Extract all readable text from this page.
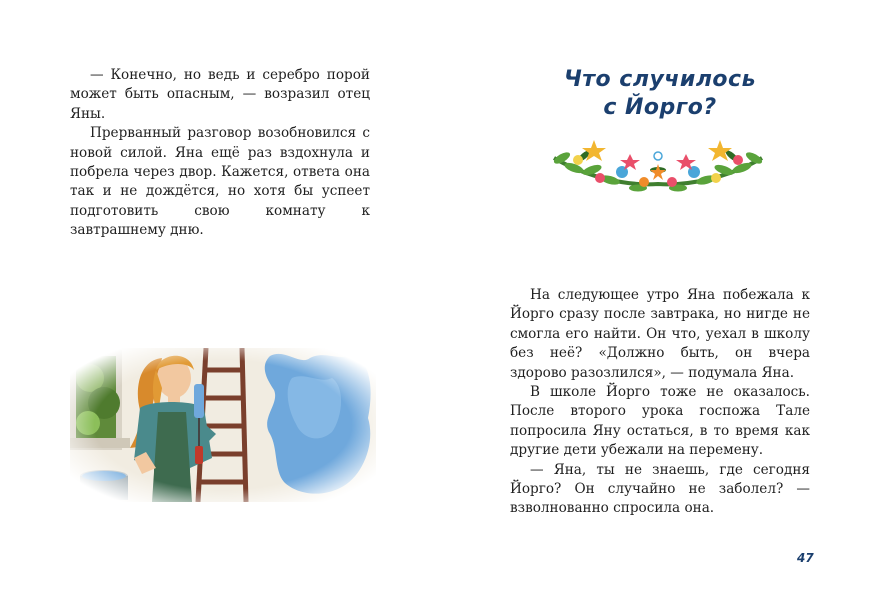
— Конечно, но ведь и серебро порой может быть опасным, — возразил отец Яны.

Прерванный разговор возобновился с новой силой. Яна ещё раз вздохнула и побрела через двор. Кажется, ответа она так и не дождётся, но хотя бы успеет подготовить свою комнату к завтрашнему дню.

Что случилось
с Йорго?

На следующее утро Яна побежала к Йорго сразу после завтрака, но нигде не смогла его найти. Он что, уехал в школу без неё? «Должно быть, он вчера здорово разозлился», — подумала Яна.

В школе Йорго тоже не оказалось. После второго урока госпожа Тале попросила Яну остаться, в то время как другие дети убежали на перемену.

— Яна, ты не знаешь, где сегодня Йорго? Он случайно не заболел? — взволнованно спросила она.

47
